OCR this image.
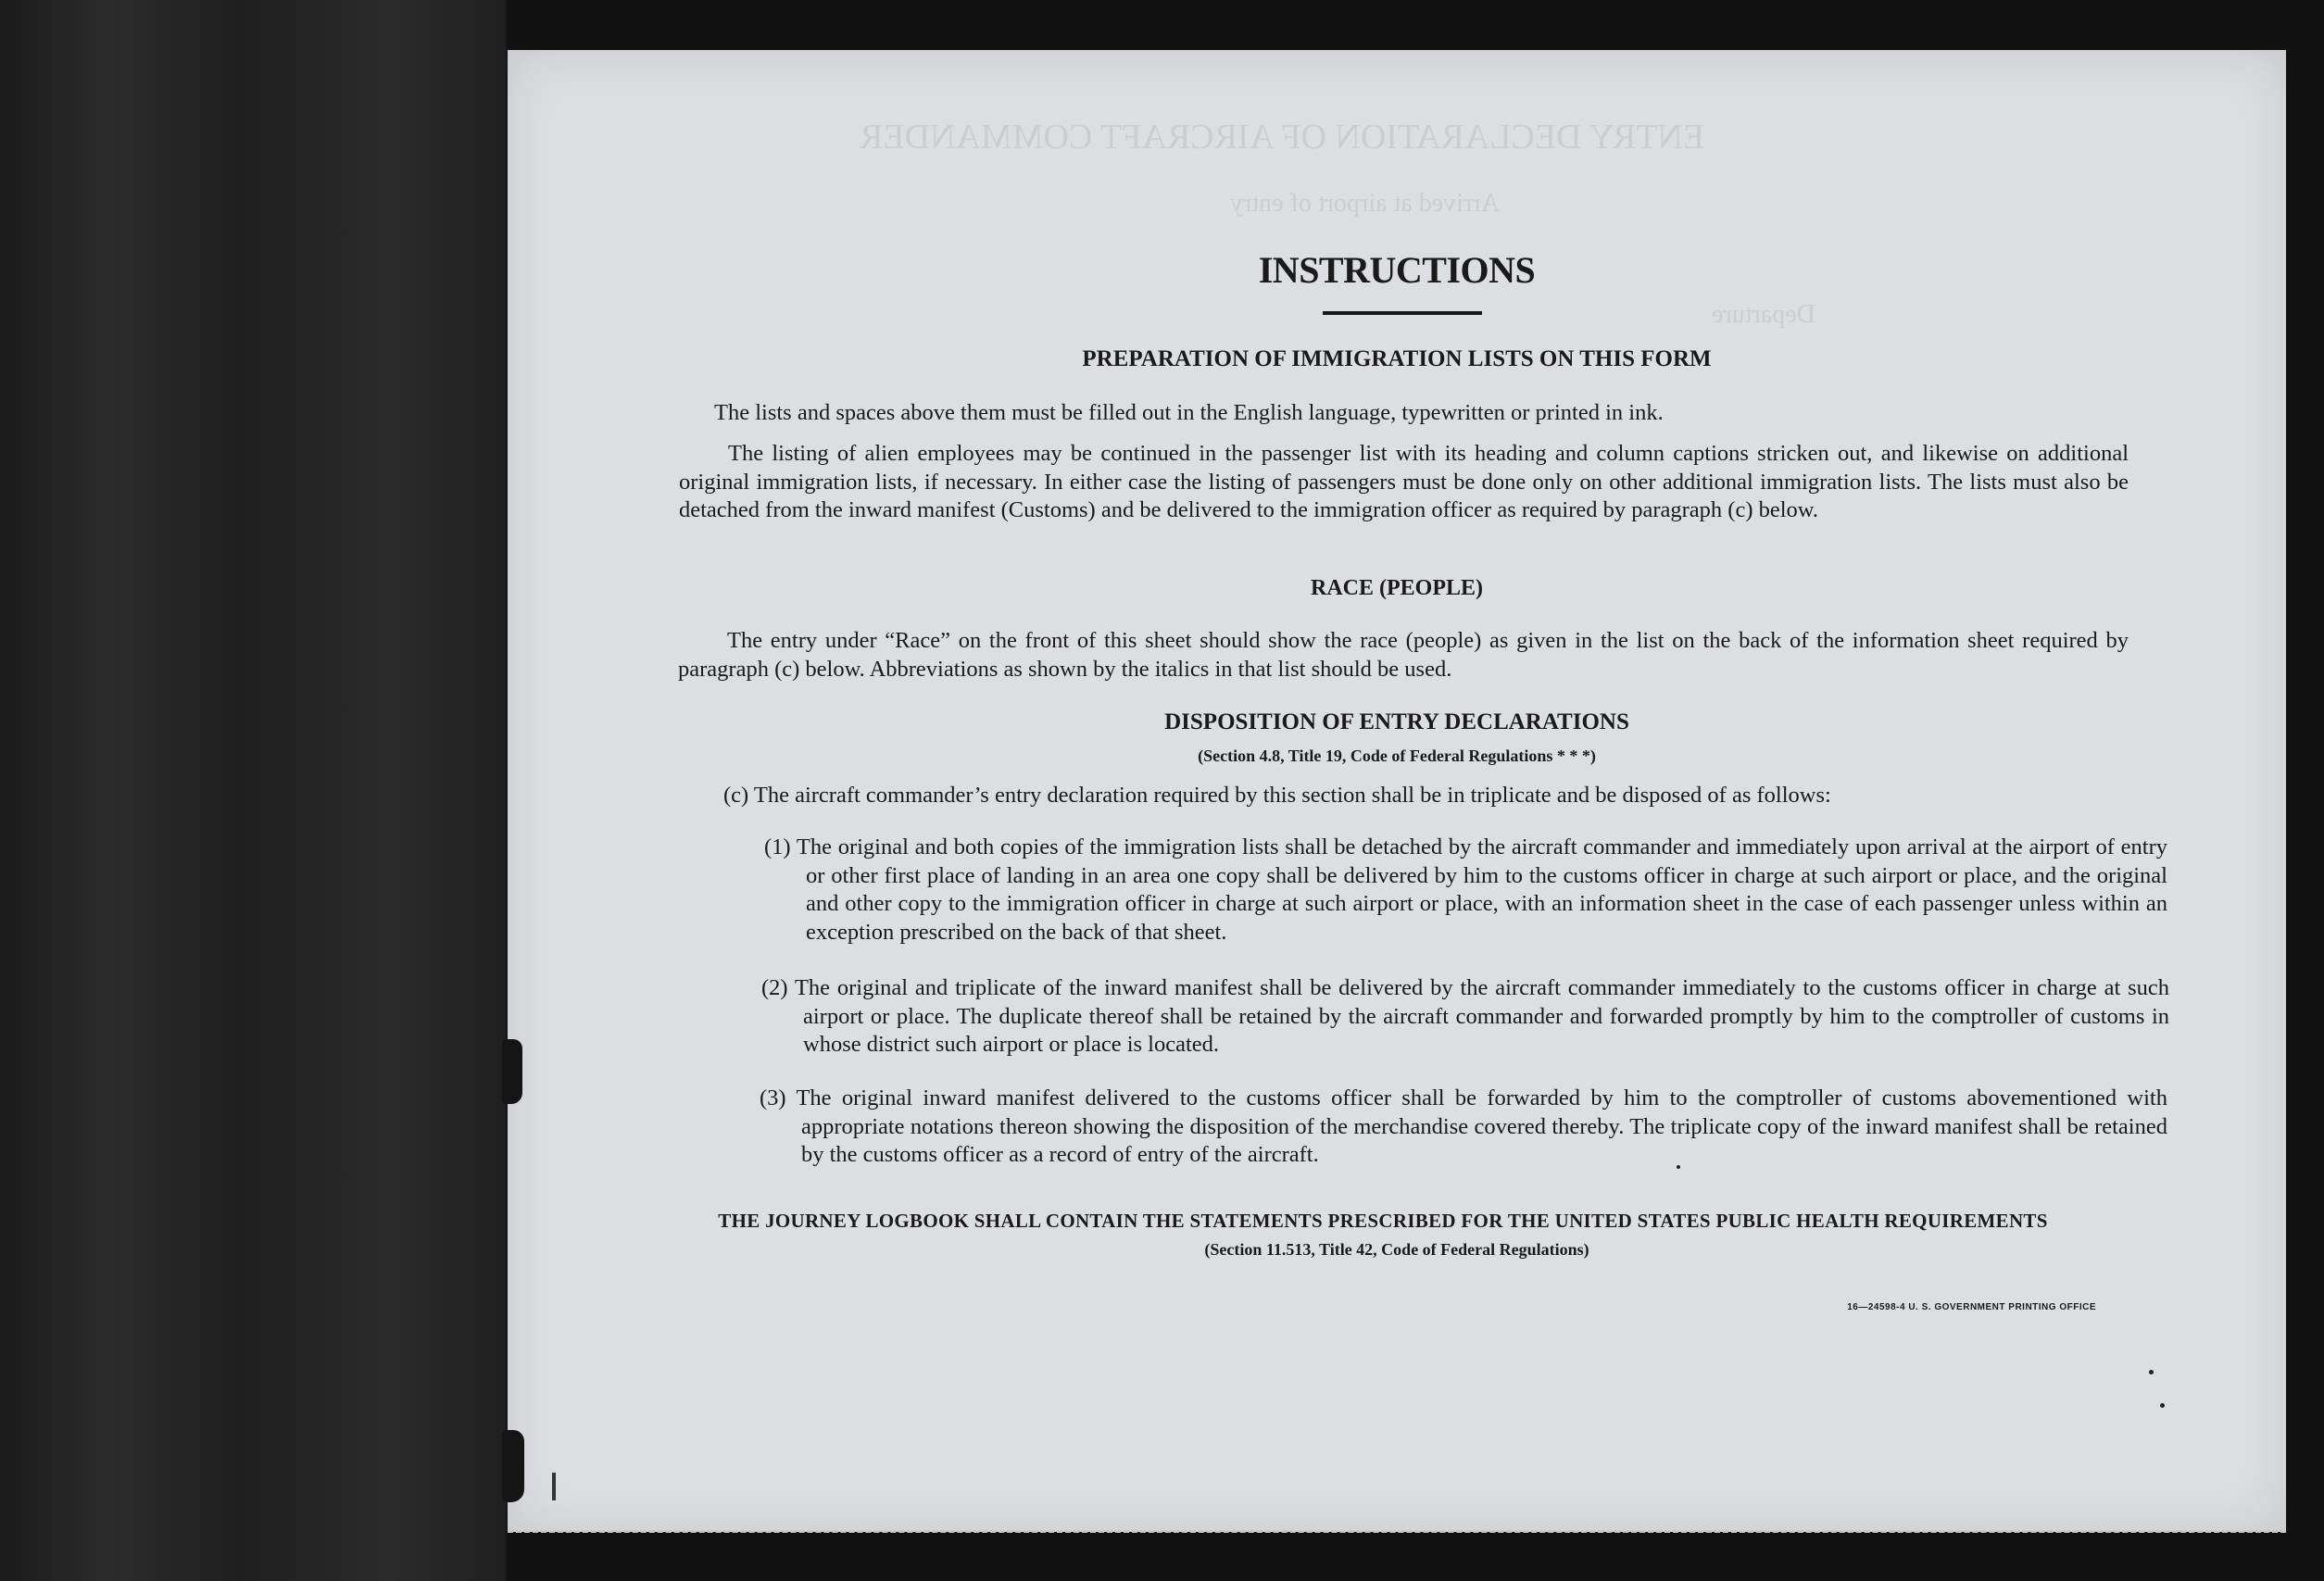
ENTRY DECLARATION OF AIRCRAFT COMMANDER
Arrived at airport of entry
Departure
INSTRUCTIONS
PREPARATION OF IMMIGRATION LISTS ON THIS FORM
The lists and spaces above them must be filled out in the English language, typewritten or printed in ink.
The listing of alien employees may be continued in the passenger list with its heading and column captions stricken out, and likewise on additional original immigration lists, if necessary. In either case the listing of passengers must be done only on other additional immigration lists. The lists must also be detached from the inward manifest (Customs) and be delivered to the immigration officer as required by paragraph (c) below.
RACE (PEOPLE)
The entry under “Race” on the front of this sheet should show the race (people) as given in the list on the back of the information sheet required by paragraph (c) below. Abbreviations as shown by the italics in that list should be used.
DISPOSITION OF ENTRY DECLARATIONS
(Section 4.8, Title 19, Code of Federal Regulations * * *)
(c) The aircraft commander’s entry declaration required by this section shall be in triplicate and be disposed of as follows:
(1) The original and both copies of the immigration lists shall be detached by the aircraft commander and immediately upon arrival at the airport of entry or other first place of landing in an area one copy shall be delivered by him to the customs officer in charge at such airport or place, and the original and other copy to the immigration officer in charge at such airport or place, with an information sheet in the case of each passenger unless within an exception prescribed on the back of that sheet.
(2) The original and triplicate of the inward manifest shall be delivered by the aircraft commander immediately to the customs officer in charge at such airport or place. The duplicate thereof shall be retained by the aircraft commander and forwarded promptly by him to the comptroller of customs in whose district such airport or place is located.
(3) The original inward manifest delivered to the customs officer shall be forwarded by him to the comptroller of customs abovementioned with appropriate notations thereon showing the disposition of the merchandise covered thereby. The triplicate copy of the inward manifest shall be retained by the customs officer as a record of entry of the aircraft.
THE JOURNEY LOGBOOK SHALL CONTAIN THE STATEMENTS PRESCRIBED FOR THE UNITED STATES PUBLIC HEALTH REQUIREMENTS
(Section 11.513, Title 42, Code of Federal Regulations)
16—24598-4 U. S. GOVERNMENT PRINTING OFFICE
